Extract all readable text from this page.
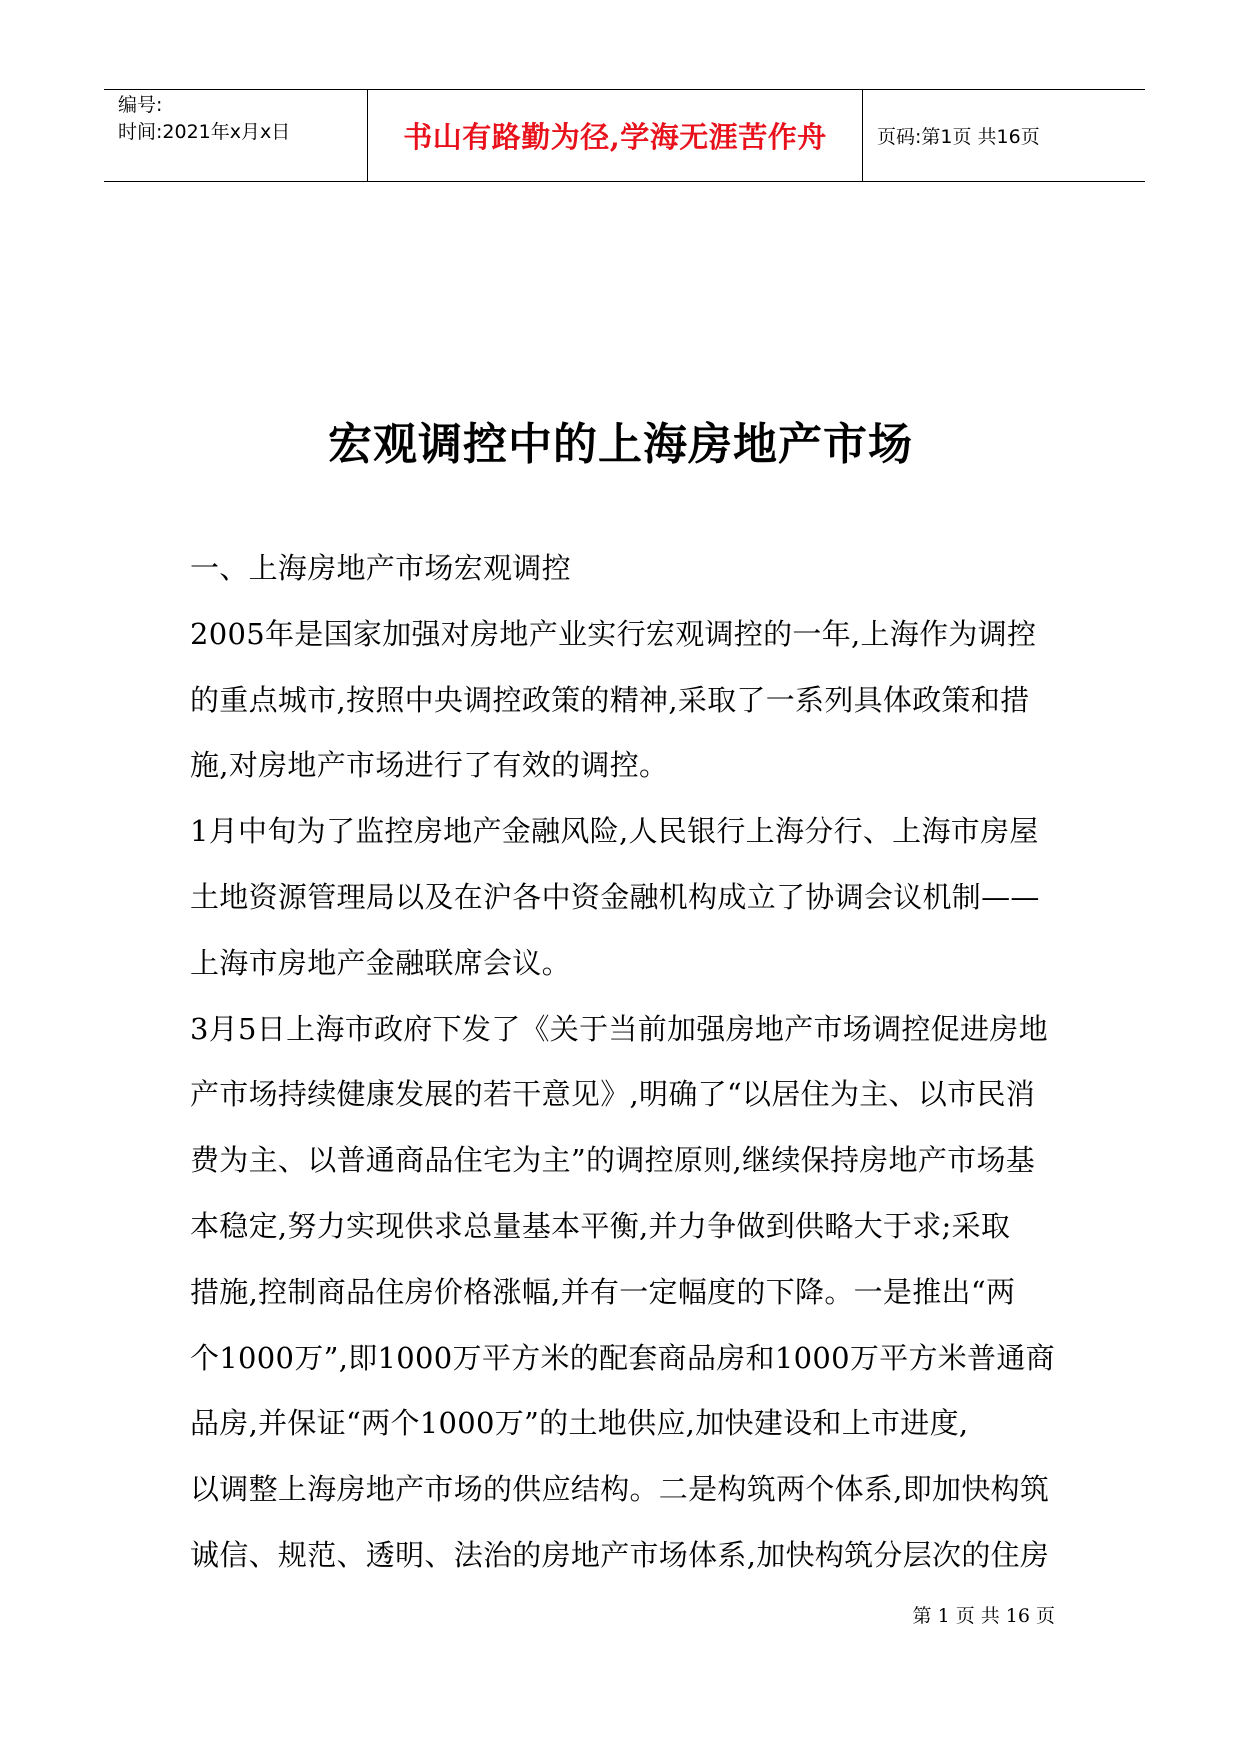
编号:
时间:2021年x月x日	书山有路勤为径,学海无涯苦作舟	页码:第1页 共16页
宏观调控中的上海房地产市场
一、上海房地产市场宏观调控
2005年是国家加强对房地产业实行宏观调控的一年,上海作为调控
的重点城市,按照中央调控政策的精神,采取了一系列具体政策和措
施,对房地产市场进行了有效的调控。
1月中旬为了监控房地产金融风险,人民银行上海分行、上海市房屋
土地资源管理局以及在沪各中资金融机构成立了协调会议机制——
上海市房地产金融联席会议。
3月5日上海市政府下发了《关于当前加强房地产市场调控促进房地
产市场持续健康发展的若干意见》,明确了“以居住为主、以市民消
费为主、以普通商品住宅为主”的调控原则,继续保持房地产市场基
本稳定,努力实现供求总量基本平衡,并力争做到供略大于求;采取
措施,控制商品住房价格涨幅,并有一定幅度的下降。一是推出“两
个1000万”,即1000万平方米的配套商品房和1000万平方米普通商
品房,并保证“两个1000万”的土地供应,加快建设和上市进度,
以调整上海房地产市场的供应结构。二是构筑两个体系,即加快构筑
诚信、规范、透明、法治的房地产市场体系,加快构筑分层次的住房
第 1 页 共 16 页
